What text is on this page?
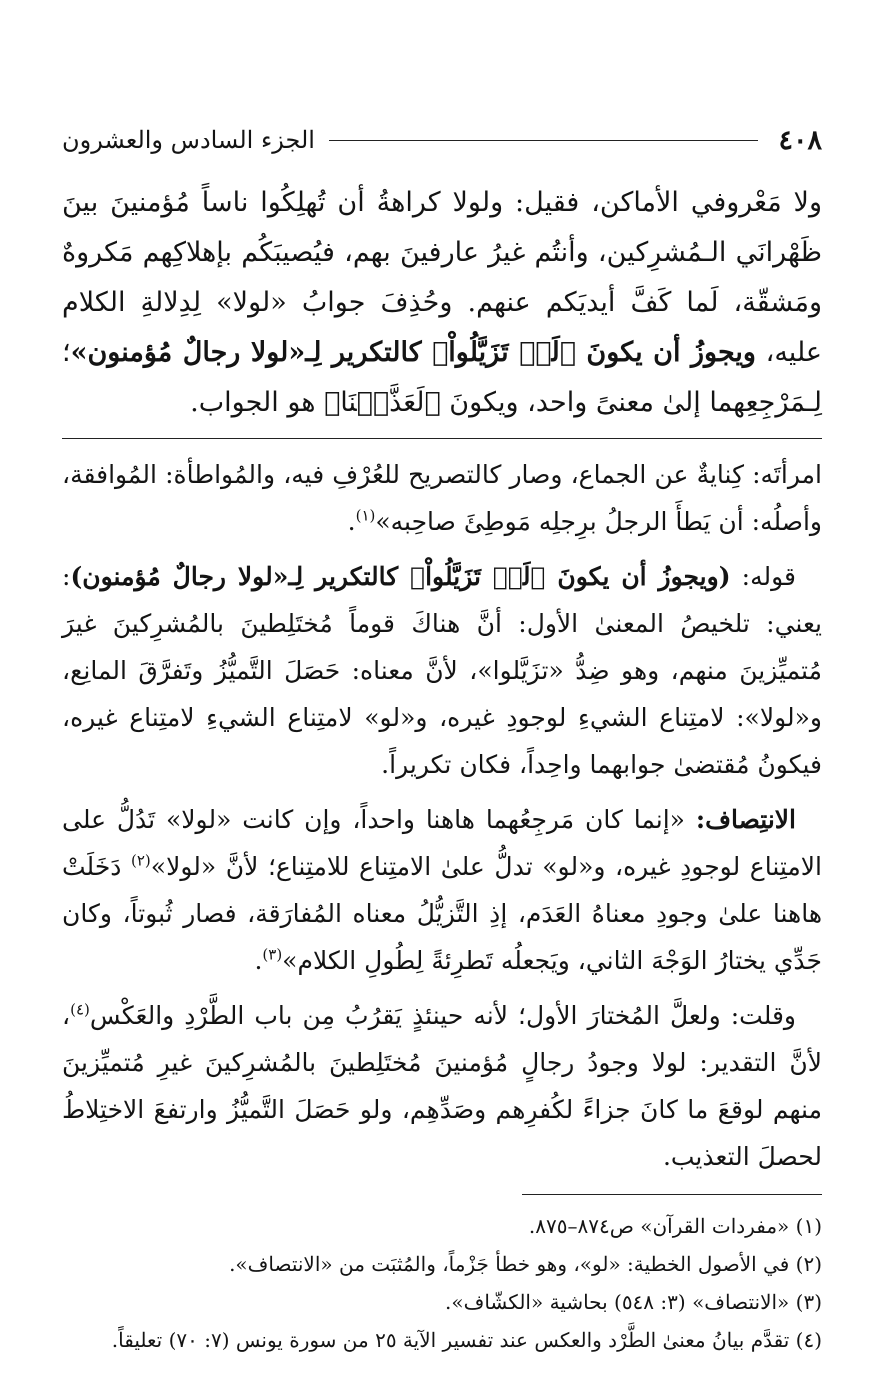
٤٠٨
الجزء السادس والعشرون

ولا مَعْروفي الأماكن، فقيل: ولولا كراهةُ أن تُهلِكُوا ناساً مُؤمنينَ بينَ ظَهْرانَي الـمُشرِكين، وأنتُم غيرُ عارفينَ بهم، فيُصيبَكُم بإهلاكِهم مَكروهٌ ومَشقّة، لَما كَفَّ أيديَكم عنهم. وحُذِفَ جوابُ «لولا» لِدِلالةِ الكلام عليه، ويجوزُ أن يكونَ ﴿لَوۡ تَزَيَّلُواْ﴾ كالتكرير لِـ«لولا رجالٌ مُؤمنون»؛ لِـمَرْجِعِهما إلىٰ معنىً واحد، ويكونَ ﴿لَعَذَّبۡنَا﴾ هو الجواب.

امرأتَه: كِنايةٌ عن الجماع، وصار كالتصريح للعُرْفِ فيه، والمُواطأة: المُوافقة، وأصلُه: أن يَطأَ الرجلُ برِجلِه مَوطِئَ صاحِبه»$^{(١)}$.

قوله: (ويجوزُ أن يكونَ ﴿لَوۡ تَزَيَّلُواْ﴾ كالتكرير لِـ«لولا رجالٌ مُؤمنون): يعني: تلخيصُ المعنىٰ الأول: أنَّ هناكَ قوماً مُختَلِطينَ بالمُشرِكينَ غيرَ مُتميِّزينَ منهم، وهو ضِدُّ «تزَيَّلوا»، لأنَّ معناه: حَصَلَ التَّميُّزُ وتَفرَّقَ المانِع، و«لولا»: لامتِناع الشيءِ لوجودِ غيره، و«لو» لامتِناع الشيءِ لامتِناع غيره، فيكونُ مُقتضىٰ جوابهما واحِداً، فكان تكريراً.

الانتِصاف: «إنما كان مَرجِعُهما هاهنا واحداً، وإن كانت «لولا» تَدُلُّ على الامتِناع لوجودِ غيره، و«لو» تدلُّ علىٰ الامتِناع للامتِناع؛ لأنَّ «لولا»$^{(٢)}$ دَخَلَتْ هاهنا علىٰ وجودِ معناهُ العَدَم، إذِ التَّزيُّلُ معناه المُفارَقة، فصار ثُبوتاً، وكان جَدِّي يختارُ الوَجْهَ الثاني، ويَجعلُه تَطرِئةً لِطُولِ الكلام»$^{(٣)}$.

وقلت: ولعلَّ المُختارَ الأول؛ لأنه حينئذٍ يَقرُبُ مِن باب الطَّرْدِ والعَكْس$^{(٤)}$، لأنَّ التقدير: لولا وجودُ رجالٍ مُؤمنينَ مُختَلِطينَ بالمُشرِكينَ غيرِ مُتميِّزينَ منهم لوقعَ ما كانَ جزاءً لكُفرِهم وصَدِّهِم، ولو حَصَلَ التَّميُّزُ وارتفعَ الاختِلاطُ لحصلَ التعذيب.

(١) «مفردات القرآن» ص٨٧٤–٨٧٥.
(٢) في الأصول الخطية: «لو»، وهو خطأ جَزْماً، والمُثبَت من «الانتصاف».
(٣) «الانتصاف» (٣: ٥٤٨) بحاشية «الكشّاف».
(٤) تقدَّم بيانُ معنىٰ الطَّرْد والعكس عند تفسير الآية ٢٥ من سورة يونس (٧: ٧٠) تعليقاً.
